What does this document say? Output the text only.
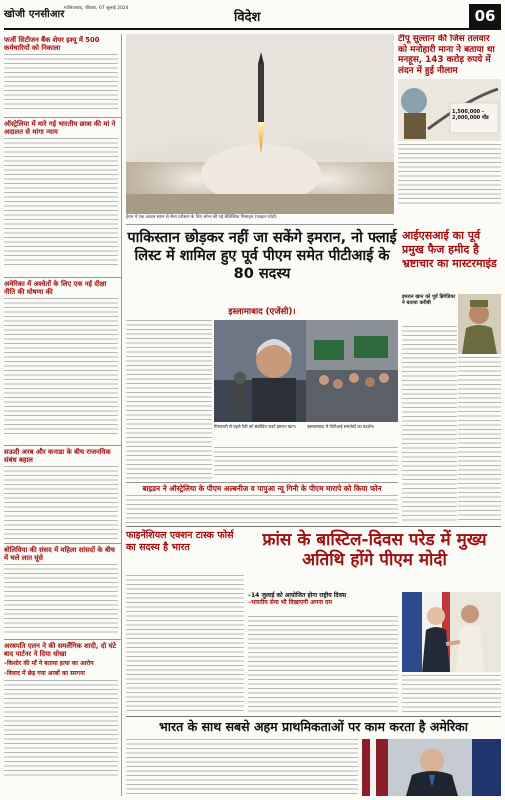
खोजी एनसीआर
गाजियाबाद, रविवार, 07 जुलाई 2024
विदेश	06
फर्जी सिटीजन बैंक शेयर इश्यू में 500 कर्मचारियों को निकाला
ऑस्ट्रेलिया में मारे गई भारतीय छात्रा की मां ने अदालत से मांगा न्याय
अमेरिका में अश्वेतों के लिए एक नई दीक्षा नीति की घोषणा की
सऊदी अरब और कनाडा के बीच राजनयिक संबंध बहाल
बोलिविया की संसद में महिला सांसदों के बीच में चले लात घूंसे
अरबपति एलन ने की समलैंगिक शादी, दो घंटे बाद पार्टनर ने दिया धोखा
–किशोर की माँ ने बताया हत्या का आरोप
–विवाद में छेड़ गया अरबों का सरगना
ईरान में एक अज्ञात स्थान से सैन्य परीक्षण के लिए लॉन्च की गई बैलिस्टिक मिसाइल (फाइल फोटो)
टीपू सुल्तान की जिस तलवार को मनोहारी माना ने बताया था मनहूस, 143 करोड़ रुपये में लंदन में हुई नीलाम
1,500,000 - 2,000,000 पौंड
पाकिस्तान छोड़कर नहीं जा सकेंगे इमरान, नो फ्लाई लिस्ट में शामिल हुए पूर्व पीएम समेत पीटीआई के 80 सदस्य
इस्लामाबाद (एजेंसी)।
गिरफ्तारी से पहले रैली को संबोधित करते इमरान खान।	इस्लामाबाद में पीटीआई समर्थकों का प्रदर्शन।
बाइडन ने ऑस्ट्रेलिया के पीएम अल्बनीज व पापुआ न्यू गिनी के पीएम मारापे को किया फोन
आईएसआई का पूर्व प्रमुख फैज हमीद है भ्रष्टाचार का मास्टरमाइंड
इमरान खान को पूर्व ब्रिगेडियर ने बताया करीबी
फाइनेंशियल एक्शन टास्क फोर्स का सदस्य है भारत	फ्रांस के बास्टिल-दिवस परेड में मुख्य अतिथि होंगे पीएम मोदी
–14 जुलाई को आयोजित होगा राष्ट्रीय दिवस
–भारतीय सेना भी दिखाएगी अपना दम
भारत के साथ सबसे अहम प्राथमिकताओं पर काम करता है अमेरिका
